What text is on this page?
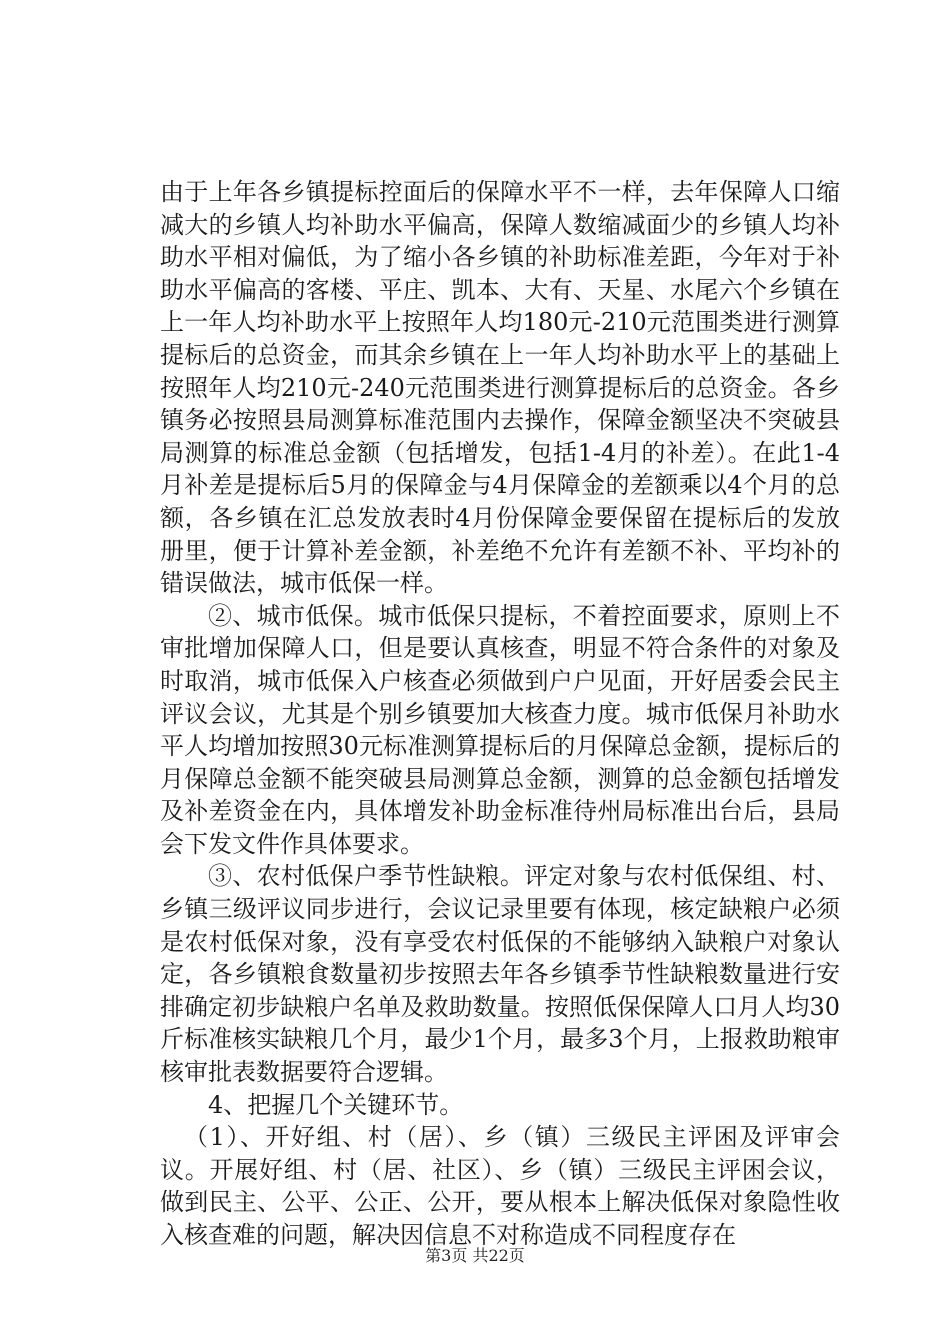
由于上年各乡镇提标控面后的保障水平不一样，去年保障人口缩减大的乡镇人均补助水平偏高，保障人数缩减面少的乡镇人均补助水平相对偏低，为了缩小各乡镇的补助标准差距，今年对于补助水平偏高的客楼、平庄、凯本、大有、天星、水尾六个乡镇在上一年人均补助水平上按照年人均180元-210元范围类进行测算提标后的总资金，而其余乡镇在上一年人均补助水平上的基础上按照年人均210元-240元范围类进行测算提标后的总资金。各乡镇务必按照县局测算标准范围内去操作，保障金额坚决不突破县局测算的标准总金额（包括增发，包括1-4月的补差）。在此1-4月补差是提标后5月的保障金与4月保障金的差额乘以4个月的总额，各乡镇在汇总发放表时4月份保障金要保留在提标后的发放册里，便于计算补差金额，补差绝不允许有差额不补、平均补的错误做法，城市低保一样。

②、城市低保。城市低保只提标，不着控面要求，原则上不审批增加保障人口，但是要认真核查，明显不符合条件的对象及时取消，城市低保入户核查必须做到户户见面，开好居委会民主评议会议，尤其是个别乡镇要加大核查力度。城市低保月补助水平人均增加按照30元标准测算提标后的月保障总金额，提标后的月保障总金额不能突破县局测算总金额，测算的总金额包括增发及补差资金在内，具体增发补助金标准待州局标准出台后，县局会下发文件作具体要求。

③、农村低保户季节性缺粮。评定对象与农村低保组、村、乡镇三级评议同步进行，会议记录里要有体现，核定缺粮户必须是农村低保对象，没有享受农村低保的不能够纳入缺粮户对象认定，各乡镇粮食数量初步按照去年各乡镇季节性缺粮数量进行安排确定初步缺粮户名单及救助数量。按照低保保障人口月人均30斤标准核实缺粮几个月，最少1个月，最多3个月，上报救助粮审核审批表数据要符合逻辑。

4、把握几个关键环节。

（1）、开好组、村（居）、乡（镇）三级民主评困及评审会议。开展好组、村（居、社区）、乡（镇）三级民主评困会议，做到民主、公平、公正、公开，要从根本上解决低保对象隐性收入核查难的问题，解决因信息不对称造成不同程度存在

第3页 共22页
